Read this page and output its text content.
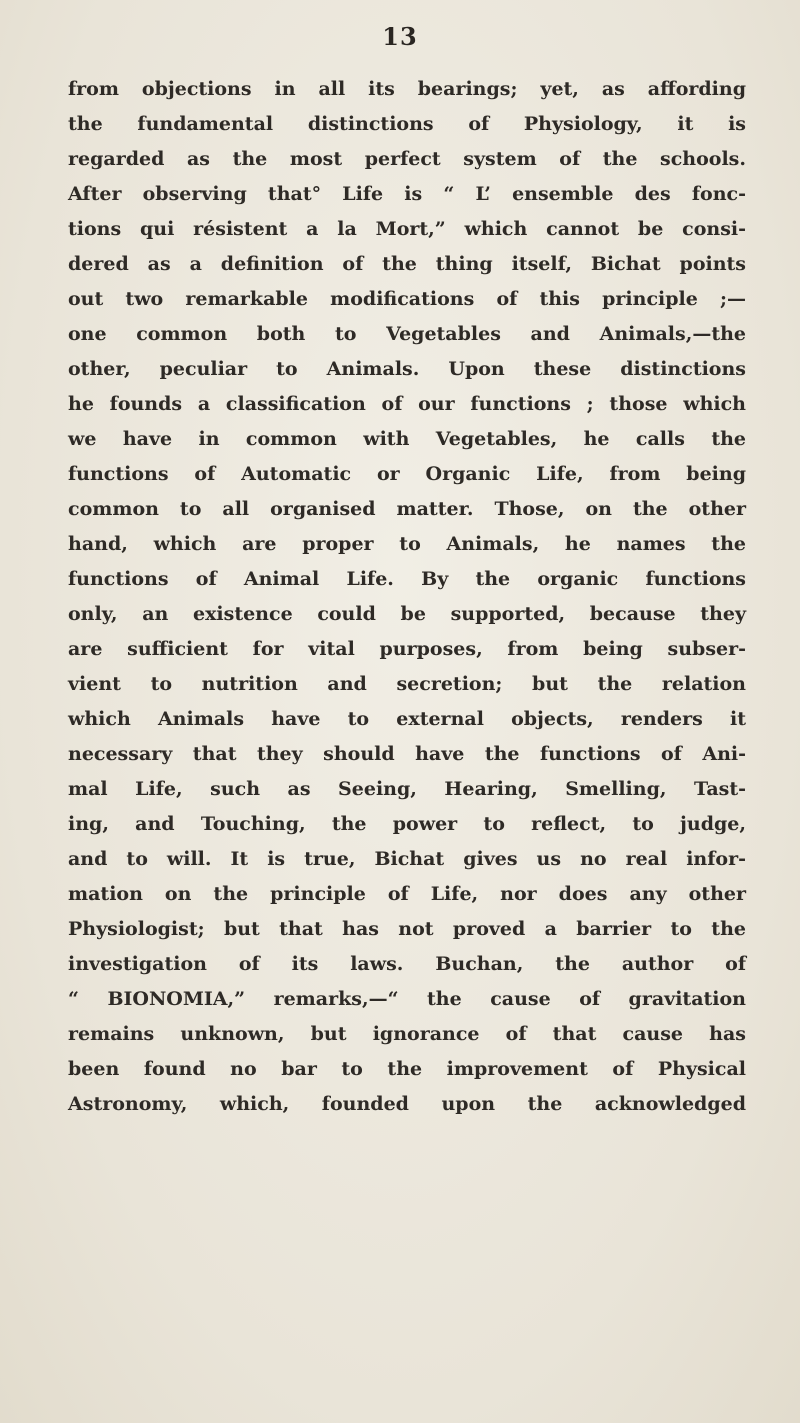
13
from objections in all its bearings; yet, as affording
the fundamental distinctions of Physiology, it is
regarded as the most perfect system of the schools.
After observing that° Life is “ L’ ensemble des fonc-
tions qui résistent a la Mort,” which cannot be consi-
dered as a definition of the thing itself, Bichat points
out two remarkable modifications of this principle ;—
one common both to Vegetables and Animals,—the
other, peculiar to Animals. Upon these distinctions
he founds a classification of our functions ; those which
we have in common with Vegetables, he calls the
functions of Automatic or Organic Life, from being
common to all organised matter. Those, on the other
hand, which are proper to Animals, he names the
functions of Animal Life. By the organic functions
only, an existence could be supported, because they
are sufficient for vital purposes, from being subser-
vient to nutrition and secretion; but the relation
which Animals have to external objects, renders it
necessary that they should have the functions of Ani-
mal Life, such as Seeing, Hearing, Smelling, Tast-
ing, and Touching, the power to reflect, to judge,
and to will. It is true, Bichat gives us no real infor-
mation on the principle of Life, nor does any other
Physiologist; but that has not proved a barrier to the
investigation of its laws. Buchan, the author of
“ BIONOMIA,” remarks,—“ the cause of gravitation
remains unknown, but ignorance of that cause has
been found no bar to the improvement of Physical
Astronomy, which, founded upon the acknowledged
